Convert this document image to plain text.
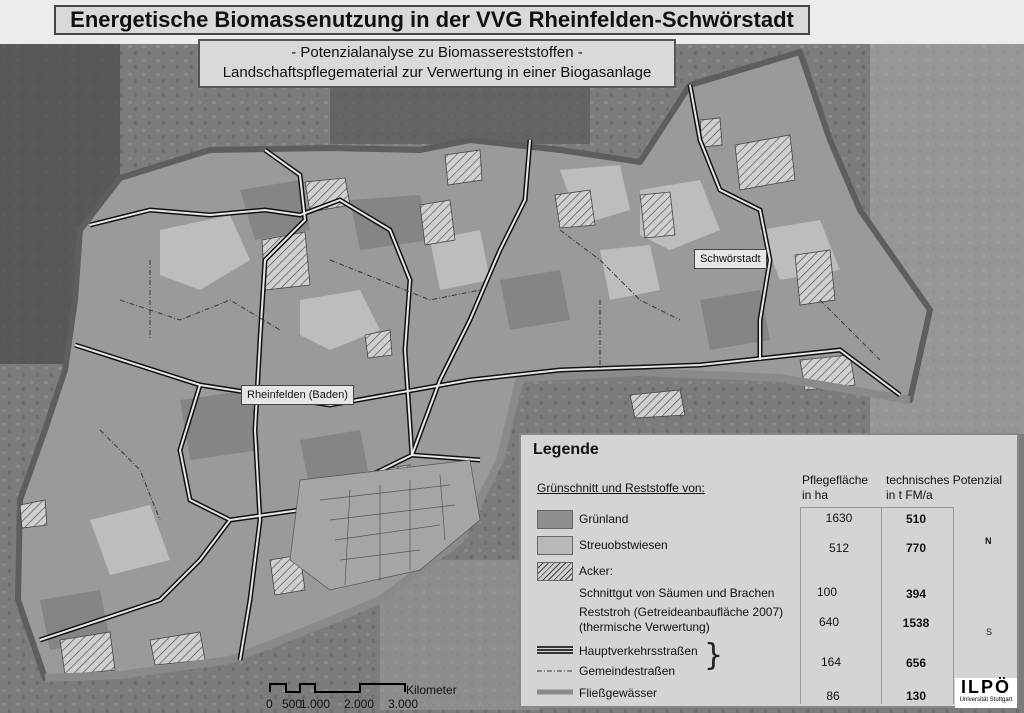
Energetische Biomassenutzung in der VVG Rheinfelden-Schwörstadt
- Potenzialanalyse zu Biomassereststoffen -
Landschaftspflegematerial zur Verwertung in einer Biogasanlage
Schwörstadt
Rheinfelden (Baden)
Legende
Grünschnitt und Reststoffe von:
Pflegefläche
in ha
technisches Potenzial
in t FM/a
Grünland	1630	510
Streuobstwiesen	512	770
Acker:
Schnittgut von Säumen und Brachen	100	394
Reststroh (Getreideanbaufläche 2007)
(thermische Verwertung)	640	1538
Hauptverkehrsstraßen
Gemeindestraßen }	164	656
Fließgewässer	86	130
N
S
Kilometer
0 500
1.000 2.000 3.000
ILPÖ
Universität Stuttgart
